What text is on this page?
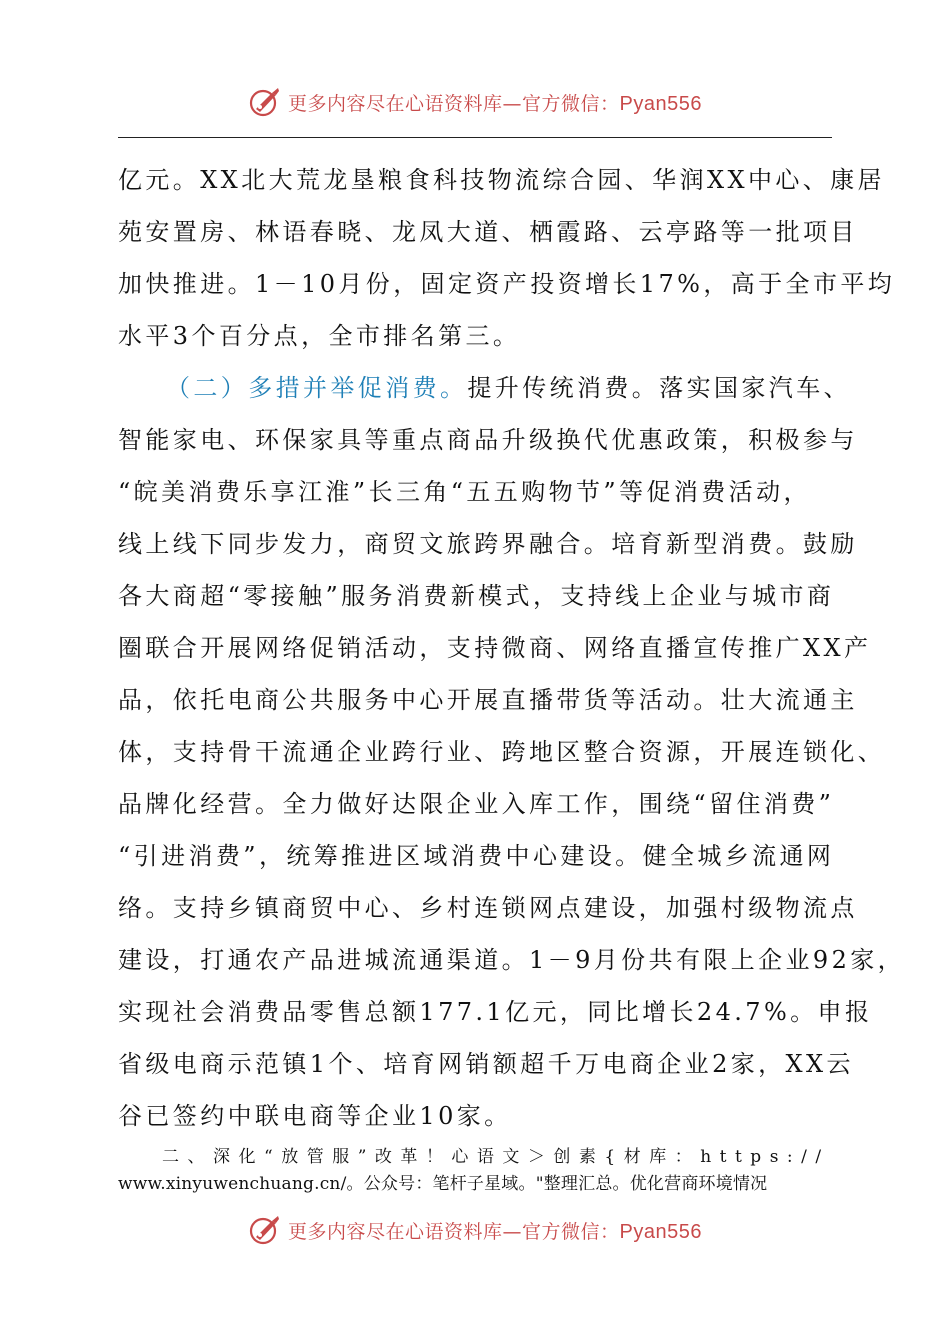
更多内容尽在心语资料库—官方微信：Pyan556
亿元。XX北大荒龙垦粮食科技物流综合园、华润XX中心、康居
苑安置房、林语春晓、龙凤大道、栖霞路、云亭路等一批项目
加快推进。1－10月份，固定资产投资增长17%，高于全市平均
水平3个百分点，全市排名第三。
（二）多措并举促消费。提升传统消费。落实国家汽车、
智能家电、环保家具等重点商品升级换代优惠政策，积极参与
“皖美消费乐享江淮”长三角“五五购物节”等促消费活动，
线上线下同步发力，商贸文旅跨界融合。培育新型消费。鼓励
各大商超“零接触”服务消费新模式，支持线上企业与城市商
圈联合开展网络促销活动，支持微商、网络直播宣传推广XX产
品，依托电商公共服务中心开展直播带货等活动。壮大流通主
体，支持骨干流通企业跨行业、跨地区整合资源，开展连锁化、
品牌化经营。全力做好达限企业入库工作，围绕“留住消费”
“引进消费”，统筹推进区域消费中心建设。健全城乡流通网
络。支持乡镇商贸中心、乡村连锁网点建设，加强村级物流点
建设，打通农产品进城流通渠道。1－9月份共有限上企业92家，
实现社会消费品零售总额177.1亿元，同比增长24.7%。申报
省级电商示范镇1个、培育网销额超千万电商企业2家，XX云
谷已签约中联电商等企业10家。
二、深化“放管服”改革！心语文＞创素{材库：https://
www.xinyuwenchuang.cn/。公众号：笔杆子星域。"整理汇总。优化营商环境情况
更多内容尽在心语资料库—官方微信：Pyan556
